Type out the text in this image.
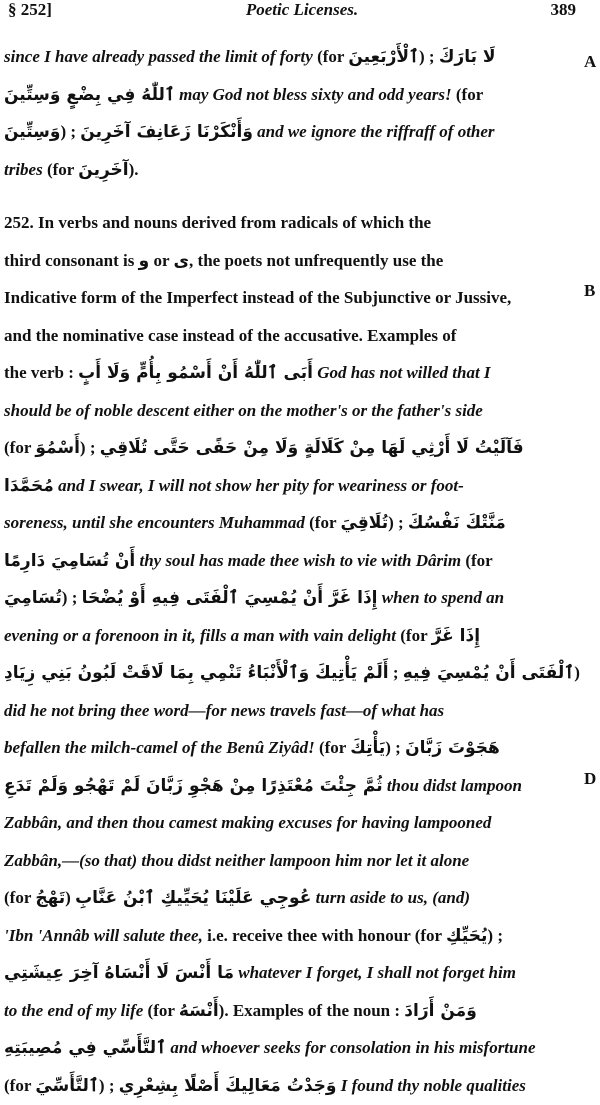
§ 252]	Poetic Licenses.	389
since I have already passed the limit of forty (for ٱلْأَرْبَعِينَ) ; لَا بَارَكَ
ٱللّٰهُ فِي بِضْعٍ وَسِتِّينَ may God not bless sixty and odd years! (for
وَسِتِّينَ) ; وَأَنْكَرْنَا زَعَانِفَ آخَرِينَ and we ignore the riffraff of other
tribes (for آخَرِينَ).
252. In verbs and nouns derived from radicals of which the
third consonant is و or ى, the poets not unfrequently use the
Indicative form of the Imperfect instead of the Subjunctive or Jussive,
and the nominative case instead of the accusative. Examples of
the verb : أَبَى ٱللّٰهُ أَنْ أَسْمُو بِأُمٍّ وَلَا أَبٍ God has not willed that I
should be of noble descent either on the mother's or the father's side
(for أَسْمُوَ) ; فَآلَيْتُ لَا أَرْثِي لَهَا مِنْ كَلَالَةٍ وَلَا مِنْ حَفًى حَتَّى تُلَاقِي
مُحَمَّدَا and I swear, I will not show her pity for weariness or foot-
soreness, until she encounters Muhammad (for تُلَاقِيَ) ; مَنَّتْكَ نَفْسُكَ
أَنْ تُسَامِيَ دَارِمًا thy soul has made thee wish to vie with Dârim (for
تُسَامِيَ) ; إِذَا غَرَّ أَنْ يُمْسِيَ ٱلْفَتَى فِيهِ أَوْ يُضْحَا when to spend an
evening or a forenoon in it, fills a man with vain delight (for إِذَا غَرَّ
أَلَمْ يَأْتِيكَ وَٱلْأَنْبَاءُ تَنْمِي بِمَا لَاقَتْ لَبُونُ بَنِي زِيَادِ ; ٱلْفَتَى أَنْ يُمْسِيَ فِيهِ)
did he not bring thee word—for news travels fast—of what has
befallen the milch-camel of the Benû Ziyâd! (for يَأْتِكَ) ; هَجَوْتَ زَبَّانَ
ثُمَّ جِئْتَ مُعْتَذِرًا مِنْ هَجْوِ زَبَّانَ لَمْ تَهْجُو وَلَمْ تَدَعِ thou didst lampoon
Zabbân, and then thou camest making excuses for having lampooned
Zabbân,—(so that) thou didst neither lampoon him nor let it alone
(for تَهْجُ) عُوجِي عَلَيْنَا يُحَيِّيكِ ٱبْنُ عَنَّابِ turn aside to us, (and)
'Ibn 'Annâb will salute thee, i.e. receive thee with honour (for يُحَيِّكِ) ;
مَا أَنْسَ لَا أَنْسَاهُ آخِرَ عِيشَتِي whatever I forget, I shall not forget him
to the end of my life (for أَنْسَهُ). Examples of the noun : وَمَنْ أَرَادَ
ٱلتَّأَسِّي فِي مُصِيبَتِهِ and whoever seeks for consolation in his misfortune
(for ٱلتَّأَسِّيَ) ; وَجَدْتُ مَعَالِيكَ أَصْلًا بِشِعْرِي I found thy noble qualities
A
B
D
